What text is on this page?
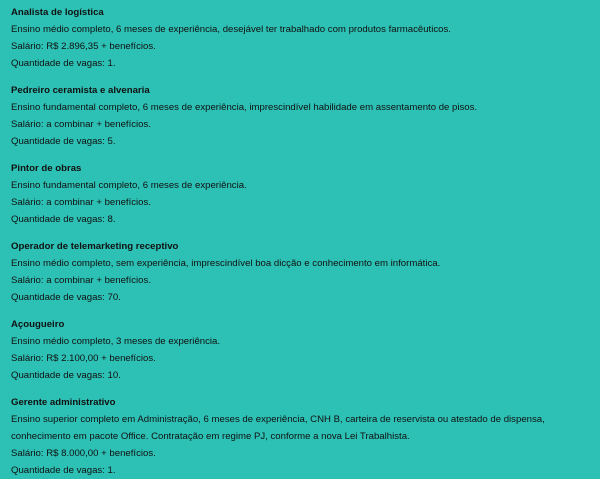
Analista de logística

Ensino médio completo, 6 meses de experiência, desejável ter trabalhado com produtos farmacêuticos.

Salário: R$ 2.896,35 + benefícios.

Quantidade de vagas: 1.

Pedreiro ceramista e alvenaria

Ensino fundamental completo, 6 meses de experiência, imprescindível habilidade em assentamento de pisos.

Salário: a combinar + benefícios.

Quantidade de vagas: 5.

Pintor de obras

Ensino fundamental completo, 6 meses de experiência.

Salário: a combinar + benefícios.

Quantidade de vagas: 8.

Operador de telemarketing receptivo

Ensino médio completo, sem experiência, imprescindível boa dicção e conhecimento em informática.

Salário: a combinar + benefícios.

Quantidade de vagas: 70.

Açougueiro

Ensino médio completo, 3 meses de experiência.

Salário: R$ 2.100,00 + benefícios.

Quantidade de vagas: 10.

Gerente administrativo

Ensino superior completo em Administração, 6 meses de experiência, CNH B, carteira de reservista ou atestado de dispensa,

conhecimento em pacote Office. Contratação em regime PJ, conforme a nova Lei Trabalhista.

Salário: R$ 8.000,00 + benefícios.

Quantidade de vagas: 1.
